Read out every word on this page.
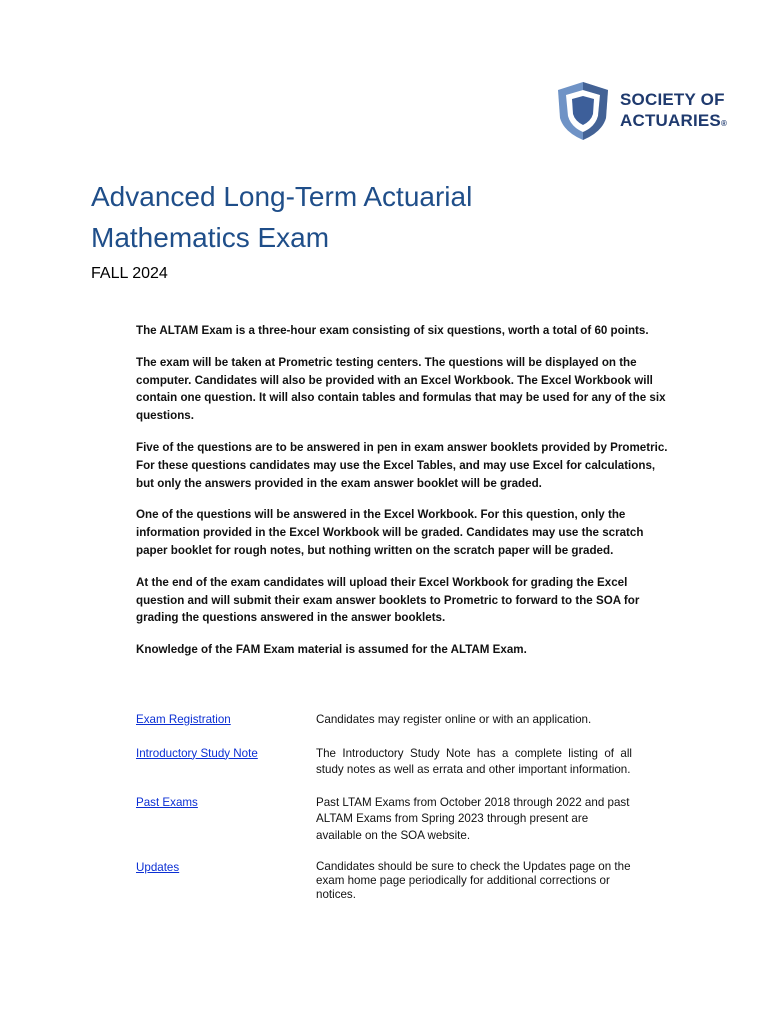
SOCIETY OF
ACTUARIES®
Advanced Long-Term Actuarial
Mathematics Exam

FALL 2024

The ALTAM Exam is a three-hour exam consisting of six questions, worth a total of 60 points.

The exam will be taken at Prometric testing centers. The questions will be displayed on the computer. Candidates will also be provided with an Excel Workbook. The Excel Workbook will contain one question. It will also contain tables and formulas that may be used for any of the six questions.

Five of the questions are to be answered in pen in exam answer booklets provided by Prometric. For these questions candidates may use the Excel Tables, and may use Excel for calculations, but only the answers provided in the exam answer booklet will be graded.

One of the questions will be answered in the Excel Workbook. For this question, only the information provided in the Excel Workbook will be graded. Candidates may use the scratch paper booklet for rough notes, but nothing written on the scratch paper will be graded.

At the end of the exam candidates will upload their Excel Workbook for grading the Excel question and will submit their exam answer booklets to Prometric to forward to the SOA for grading the questions answered in the answer booklets.

Knowledge of the FAM Exam material is assumed for the ALTAM Exam.

Exam Registration	Candidates may register online or with an application.
Introductory Study Note	The Introductory Study Note has a complete listing of all study notes as well as errata and other important information.
Past Exams	Past LTAM Exams from October 2018 through 2022 and past ALTAM Exams from Spring 2023 through present are available on the SOA website.
Updates	Candidates should be sure to check the Updates page on the exam home page periodically for additional corrections or notices.
